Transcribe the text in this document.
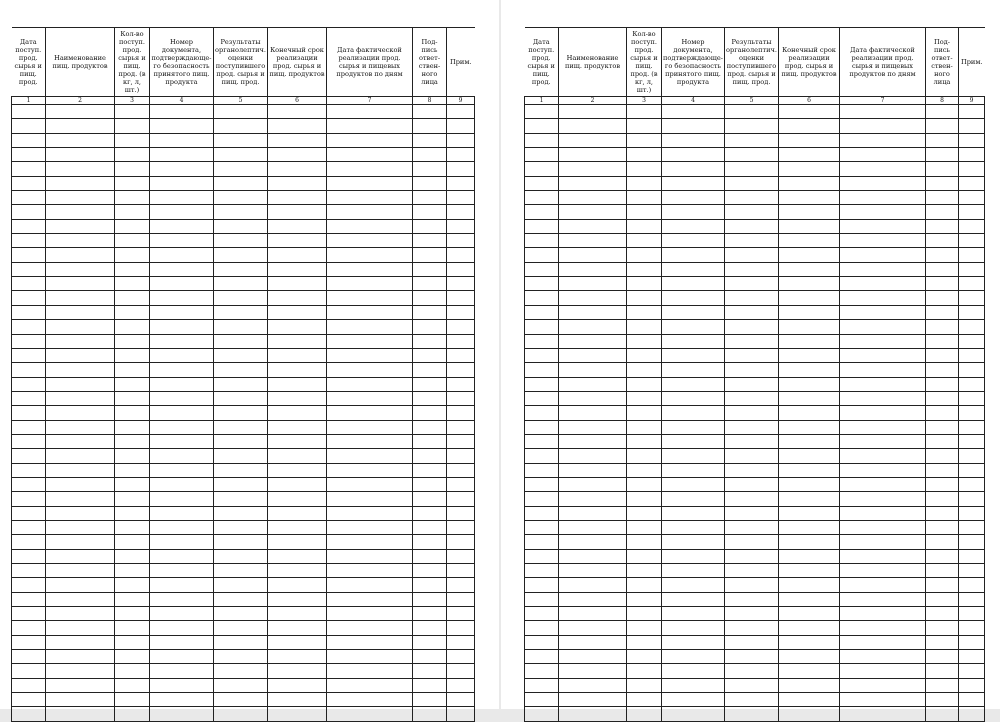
Дата поступ. прод. сырья и пищ. прод.	Наименование пищ. продуктов	Кол-во поступ. прод. сырья и пищ. прод. (в кг, л, шт.)	Номер документа, подтверждающе-го безопасность принятого пищ. продукта	Результаты органолептич. оценки поступившего прод. сырья и пищ. прод.	Конечный срок реализации прод. сырья и пищ. продуктов	Дата фактической реализации прод. сырья и пищевых продуктов по дням	Под-пись ответ-ствен-ного лица	Прим.
1	2	3	4	5	6	7	8	9

Дата поступ. прод. сырья и пищ. прод.	Наименование пищ. продуктов	Кол-во поступ. прод. сырья и пищ. прод. (в кг, л, шт.)	Номер документа, подтверждающе-го безопасность принятого пищ. продукта	Результаты органолептич. оценки поступившего прод. сырья и пищ. прод.	Конечный срок реализации прод. сырья и пищ. продуктов	Дата фактической реализации прод. сырья и пищевых продуктов по дням	Под-пись ответ-ствен-ного лица	Прим.
1	2	3	4	5	6	7	8	9
